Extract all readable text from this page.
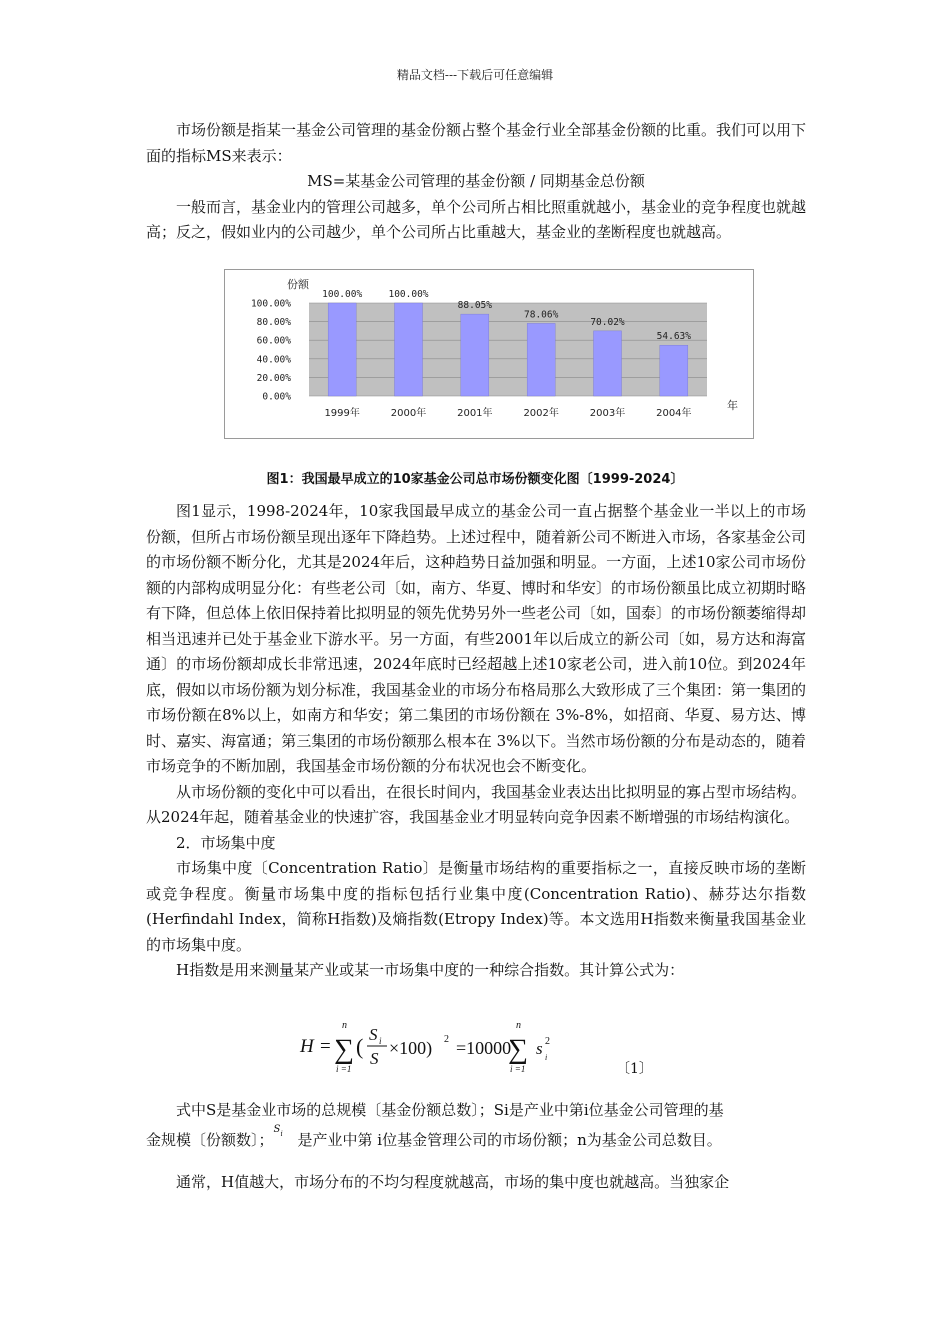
精品文档---下载后可任意编辑

市场份额是指某一基金公司管理的基金份额占整个基金行业全部基金份额的比重。我们可以用下面的指标MS来表示：

MS=某基金公司管理的基金份额 / 同期基金总份额

一般而言，基金业内的管理公司越多，单个公司所占相比照重就越小，基金业的竞争程度也就越高；反之，假如业内的公司越少，单个公司所占比重越大，基金业的垄断程度也就越高。

0.00%
20.00%
40.00%
60.00%
80.00%
100.00%
100.00%	100.00%
88.05%
78.06%
70.02%
54.63%
1999年	2000年	2001年	2002年	2003年	2004年
份额
年
图1：我国最早成立的10家基金公司总市场份额变化图〔1999-2024〕

图1显示，1998-2024年，10家我国最早成立的基金公司一直占据整个基金业一半以上的市场份额，但所占市场份额呈现出逐年下降趋势。上述过程中，随着新公司不断进入市场，各家基金公司的市场份额不断分化，尤其是2024年后，这种趋势日益加强和明显。一方面，上述10家公司市场份额的内部构成明显分化：有些老公司〔如，南方、华夏、博时和华安〕的市场份额虽比成立初期时略有下降，但总体上依旧保持着比拟明显的领先优势另外一些老公司〔如，国泰〕的市场份额萎缩得却相当迅速并已处于基金业下游水平。另一方面，有些2001年以后成立的新公司〔如，易方达和海富通〕的市场份额却成长非常迅速，2024年底时已经超越上述10家老公司，进入前10位。到2024年底，假如以市场份额为划分标准，我国基金业的市场分布格局那么大致形成了三个集团：第一集团的市场份额在8%以上，如南方和华安；第二集团的市场份额在 3%-8%，如招商、华夏、易方达、博时、嘉实、海富通；第三集团的市场份额那么根本在 3%以下。当然市场份额的分布是动态的，随着市场竞争的不断加剧，我国基金市场份额的分布状况也会不断变化。

从市场份额的变化中可以看出，在很长时间内，我国基金业表达出比拟明显的寡占型市场结构。从2024年起，随着基金业的快速扩容，我国基金业才明显转向竞争因素不断增强的市场结构演化。

2．市场集中度

市场集中度〔Concentration Ratio〕是衡量市场结构的重要指标之一，直接反映市场的垄断或竞争程度。衡量市场集中度的指标包括行业集中度(Concentration Ratio)、赫芬达尔指数(Herfindahl Index，简称H指数)及熵指数(Etropy Index)等。本文选用H指数来衡量我国基金业的市场集中度。

H指数是用来测量某产业或某一市场集中度的一种综合指数。其计算公式为：

H = ∑
n
i =1
( S i
S
×100) 2 =10000
∑
n
i =1
s 2
i
〔1〕

式中S是基金业市场的总规模〔基金份额总数〕；Si是产业中第i位基金公司管理的基

金规模〔份额数〕；
S i 是产业中第 i位基金管理公司的市场份额；n为基金公司总数目。

通常，H值越大，市场分布的不均匀程度就越高，市场的集中度也就越高。当独家企
